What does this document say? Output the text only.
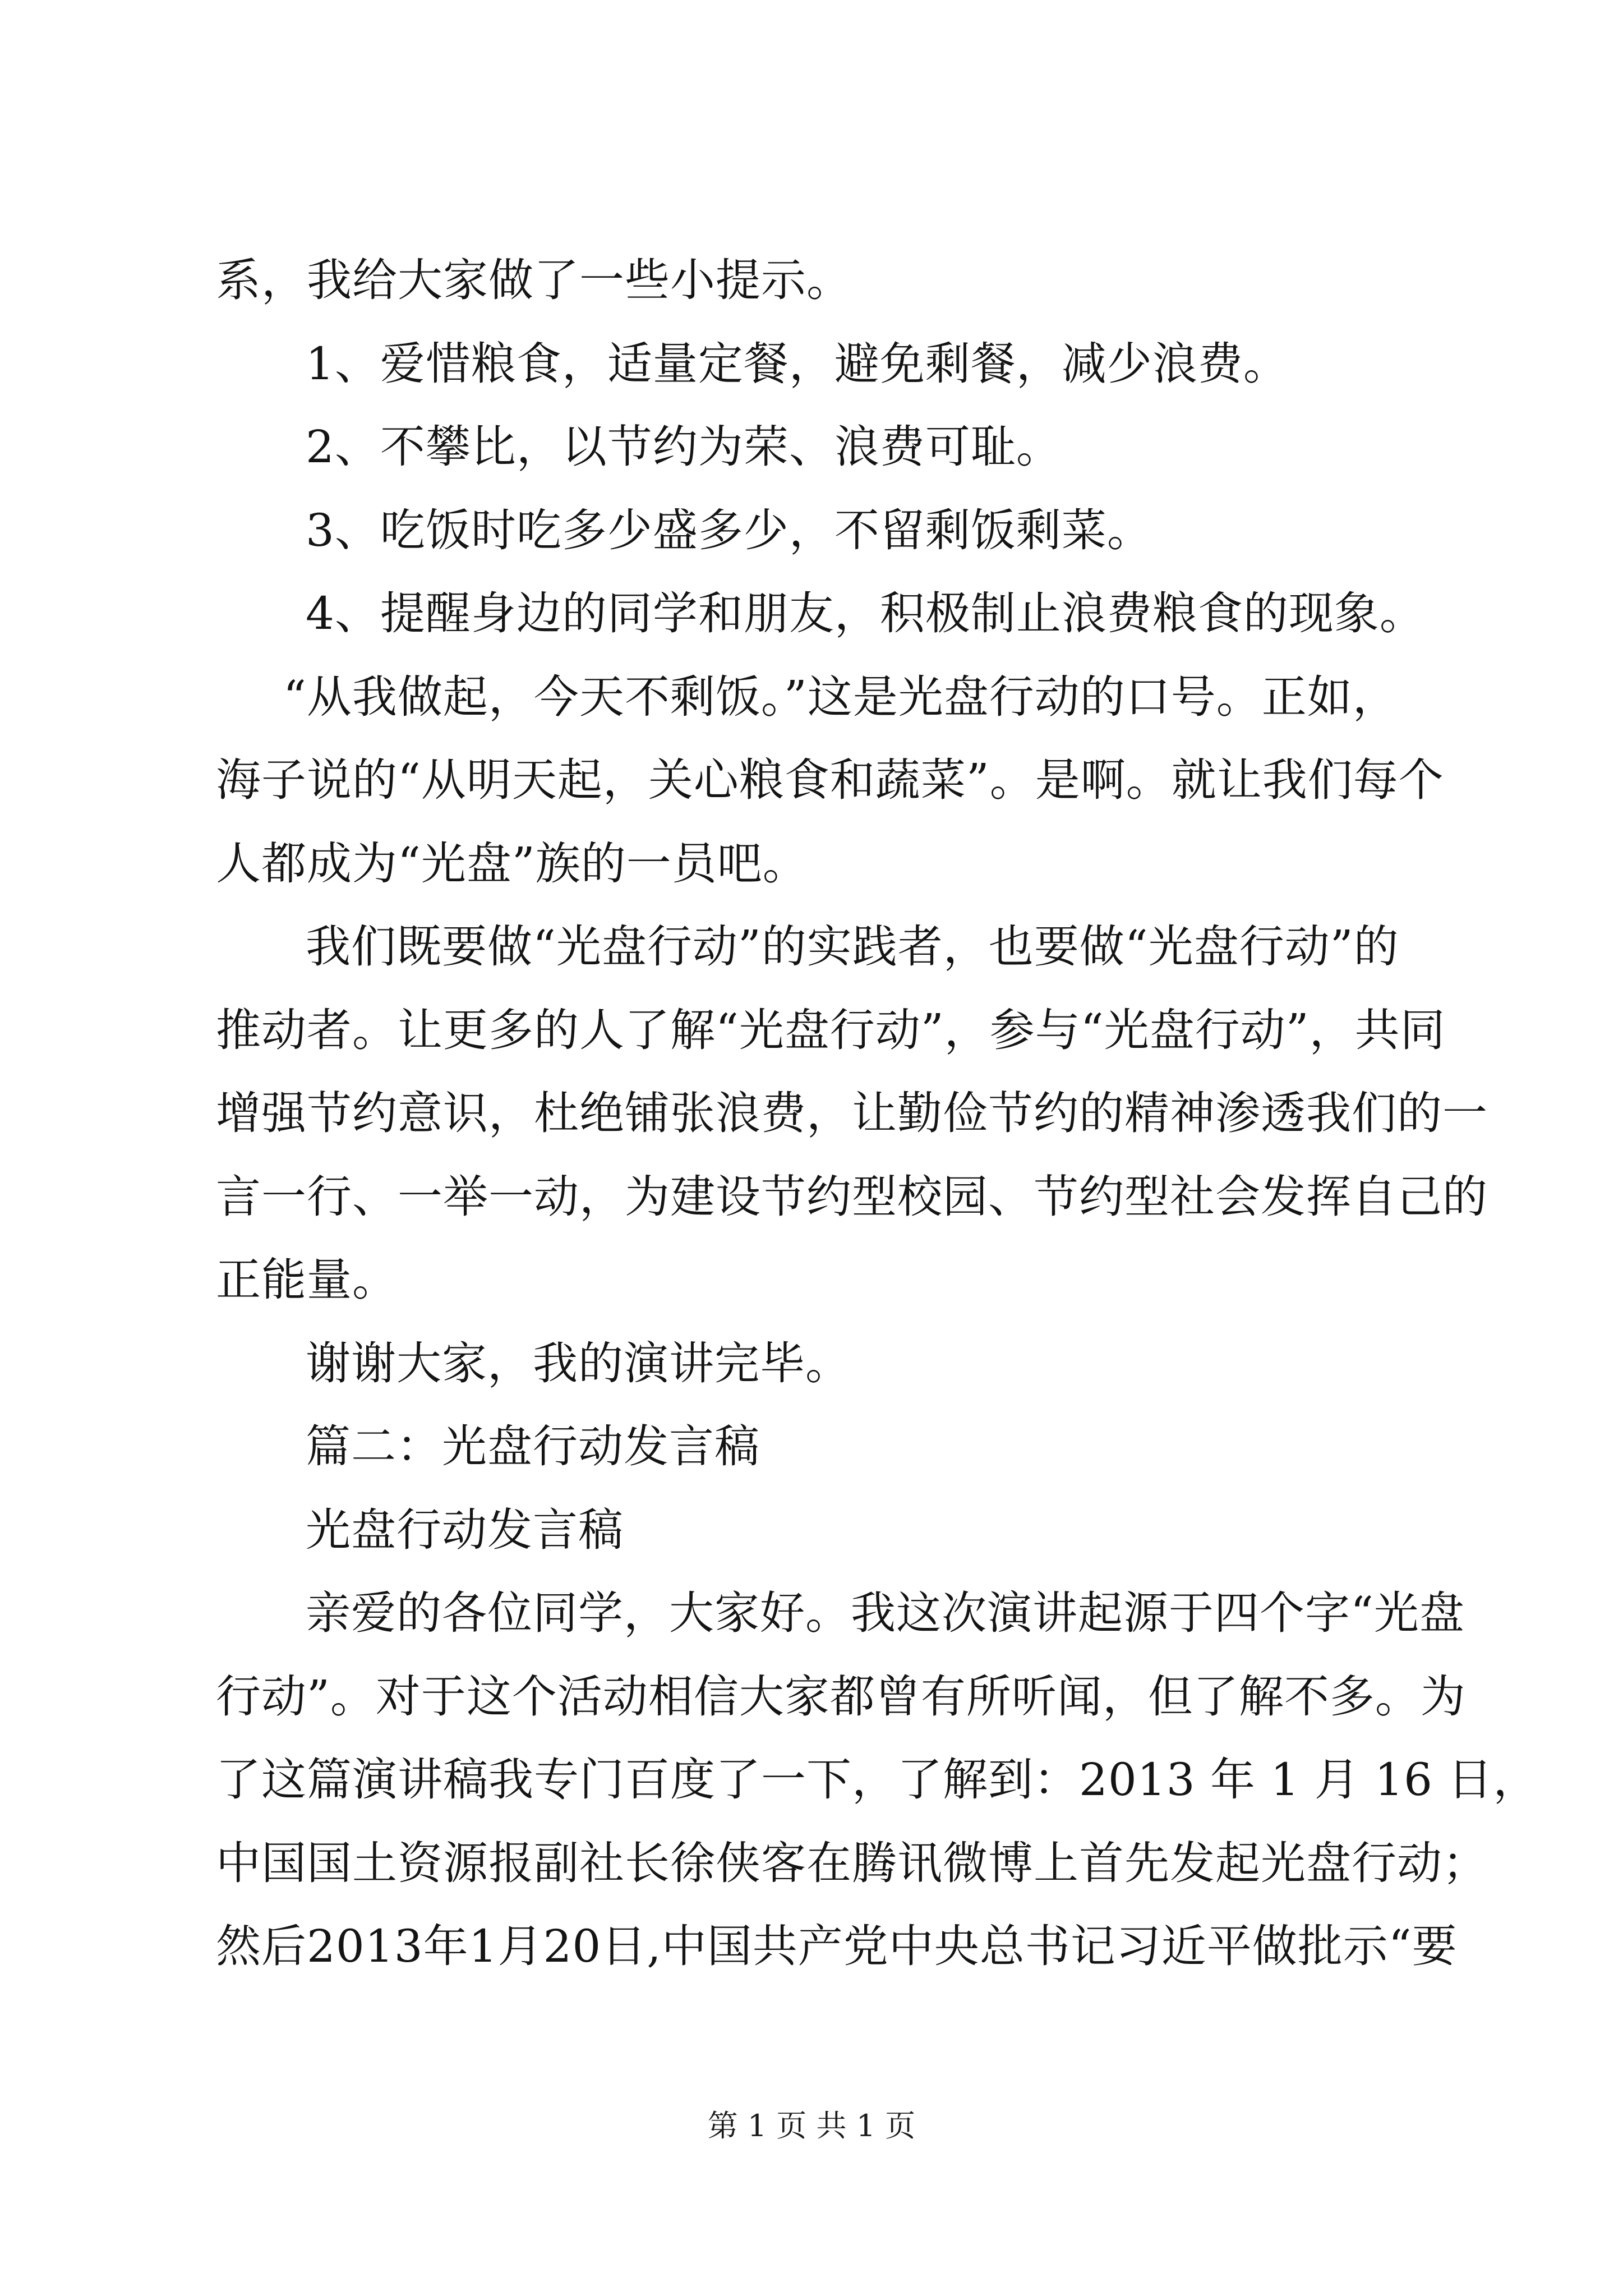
系，我给大家做了一些小提示。
1、爱惜粮食，适量定餐，避免剩餐，减少浪费。
2、不攀比，以节约为荣、浪费可耻。
3、吃饭时吃多少盛多少，不留剩饭剩菜。
4、提醒身边的同学和朋友，积极制止浪费粮食的现象。
“从我做起，今天不剩饭。”这是光盘行动的口号。正如，
海子说的“从明天起，关心粮食和蔬菜”。是啊。就让我们每个
人都成为“光盘”族的一员吧。
我们既要做“光盘行动”的实践者，也要做“光盘行动”的
推动者。让更多的人了解“光盘行动”，参与“光盘行动”，共同
增强节约意识，杜绝铺张浪费，让勤俭节约的精神渗透我们的一
言一行、一举一动，为建设节约型校园、节约型社会发挥自己的
正能量。
谢谢大家，我的演讲完毕。
篇二：光盘行动发言稿
光盘行动发言稿
亲爱的各位同学，大家好。我这次演讲起源于四个字“光盘
行动”。对于这个活动相信大家都曾有所听闻，但了解不多。为
了这篇演讲稿我专门百度了一下，了解到：2013 年 1 月 16 日，
中国国土资源报副社长徐侠客在腾讯微博上首先发起光盘行动；
然后2013年1月20日,中国共产党中央总书记习近平做批示“要
第 1 页 共 1 页
